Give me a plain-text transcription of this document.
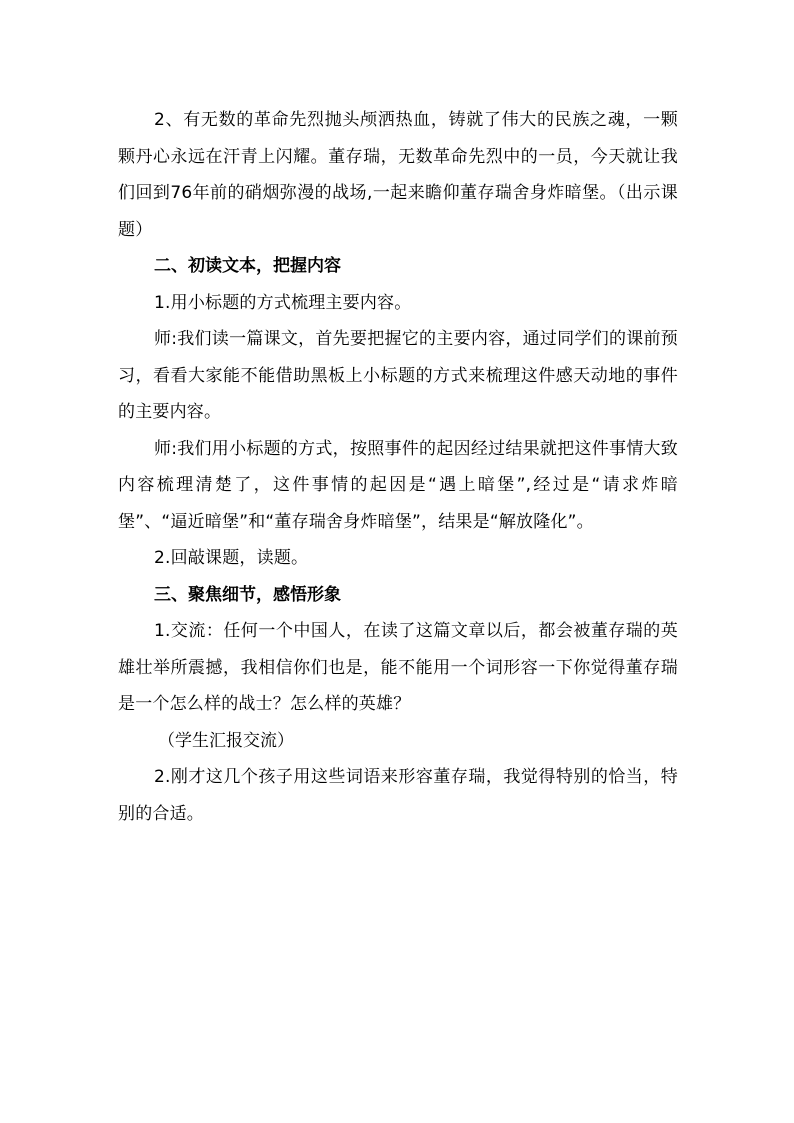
2、有无数的革命先烈抛头颅洒热血，铸就了伟大的民族之魂，一颗颗丹心永远在汗青上闪耀。董存瑞，无数革命先烈中的一员，今天就让我们回到76年前的硝烟弥漫的战场,一起来瞻仰董存瑞舍身炸暗堡。（出示课题）

二、初读文本，把握内容

1.用小标题的方式梳理主要内容。

师:我们读一篇课文，首先要把握它的主要内容，通过同学们的课前预习，看看大家能不能借助黑板上小标题的方式来梳理这件感天动地的事件的主要内容。

师:我们用小标题的方式，按照事件的起因经过结果就把这件事情大致内容梳理清楚了，这件事情的起因是“遇上暗堡”,经过是“请求炸暗堡”、“逼近暗堡”和“董存瑞舍身炸暗堡”，结果是“解放隆化”。

2.回敲课题，读题。

三、聚焦细节，感悟形象

1.交流：任何一个中国人，在读了这篇文章以后，都会被董存瑞的英雄壮举所震撼，我相信你们也是，能不能用一个词形容一下你觉得董存瑞是一个怎么样的战士？怎么样的英雄？

（学生汇报交流）

2.刚才这几个孩子用这些词语来形容董存瑞，我觉得特别的恰当，特别的合适。
